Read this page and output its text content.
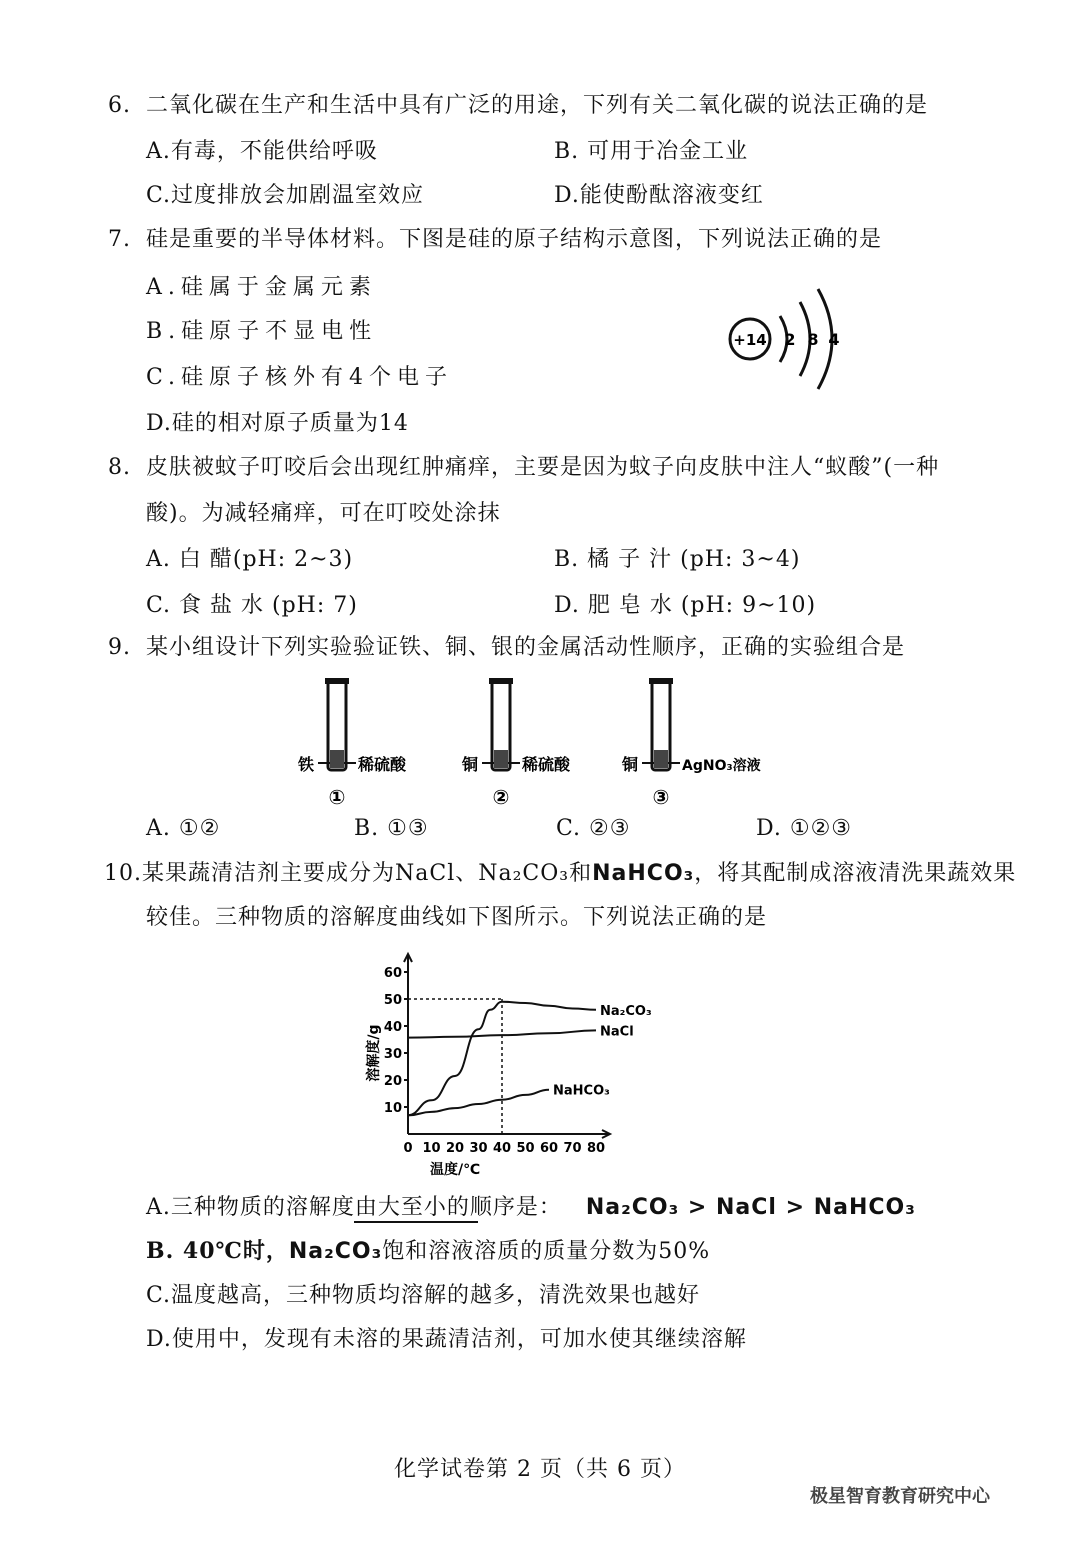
6. 二氧化碳在生产和生活中具有广泛的用途，下列有关二氧化碳的说法正确的是
A.有毒，不能供给呼吸	B. 可用于冶金工业
C.过度排放会加剧温室效应	D.能使酚酞溶液变红
7. 硅是重要的半导体材料。下图是硅的原子结构示意图，下列说法正确的是
A.硅属于金属元素
B.硅原子不显电性
C.硅原子核外有4个电子
D.硅的相对原子质量为14
+14 2 8 4
8. 皮肤被蚊子叮咬后会出现红肿痛痒，主要是因为蚊子向皮肤中注人“蚁酸”(一种
酸)。为减轻痛痒，可在叮咬处涂抹
A. 白 醋(pH: 2~3)	B. 橘 子 汁 (pH: 3~4)
C. 食 盐 水 (pH: 7)	D. 肥 皂 水 (pH: 9~10)
9. 某小组设计下列实验验证铁、铜、银的金属活动性顺序，正确的实验组合是
铁	稀硫酸
①
铜	稀硫酸
②
铜	AgNO₃溶液
③
A. ①②	B. ①③	C. ②③	D. ①②③
10.某果蔬清洁剂主要成分为NaCl、Na₂CO₃和NaHCO₃，将其配制成溶液清洗果蔬效果
较佳。三种物质的溶解度曲线如下图所示。下列说法正确的是
0 10 20 30 40 50 60 70 80
10
20
30
40
50
60
温度/℃
溶解度/g
Na₂CO₃
NaCl
NaHCO₃
A.三种物质的溶解度由大至小的顺序是： Na₂CO₃ > NaCl > NaHCO₃
B. 40℃时，Na₂CO₃饱和溶液溶质的质量分数为50%
C.温度越高，三种物质均溶解的越多，清洗效果也越好
D.使用中，发现有未溶的果蔬清洁剂，可加水使其继续溶解
化学试卷第 2 页（共 6 页）
极星智育教育研究中心
